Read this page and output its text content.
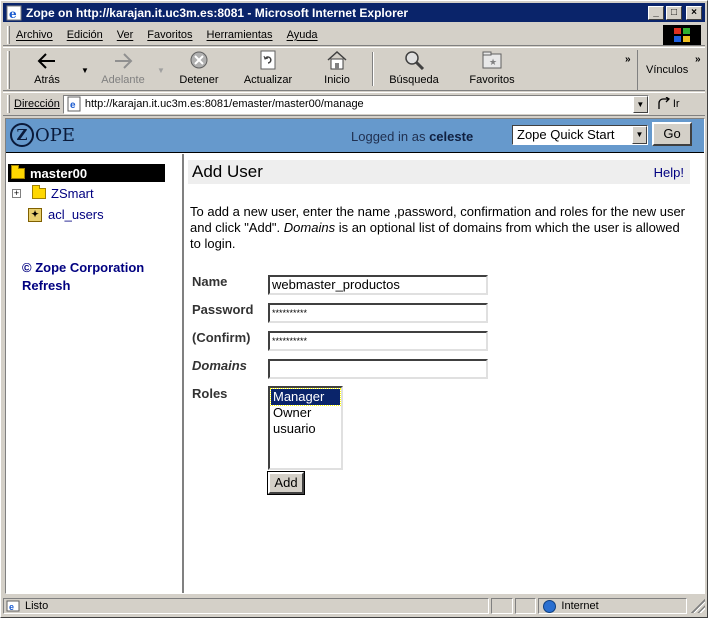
e Zope on http://karajan.it.uc3m.es:8081 - Microsoft Internet Explorer	_	□	×
Archivo Edición Ver Favoritos Herramientas Ayuda
Atrás
▼
Adelante
▼
Detener Actualizar	Inicio	Búsqueda
★
Favoritos
»
Vínculos
»
Dirección e http://karajan.it.uc3m.es:8081/emaster/master00/manage	▼	Ir
Z OPE	Logged in as celeste	Zope Quick Start	▼	Go
master00
+ ZSmart
✦ acl_users
© Zope Corporation
Refresh
Add User	Help!
To add a new user, enter the name ,password, confirmation and roles for the new user and click "Add". Domains is an optional list of domains from which the user is allowed to login.
Name	webmaster_productos
Password	**********
(Confirm)	**********
Domains
Roles	Manager
Owner
usuario
Add
e Listo	Internet
